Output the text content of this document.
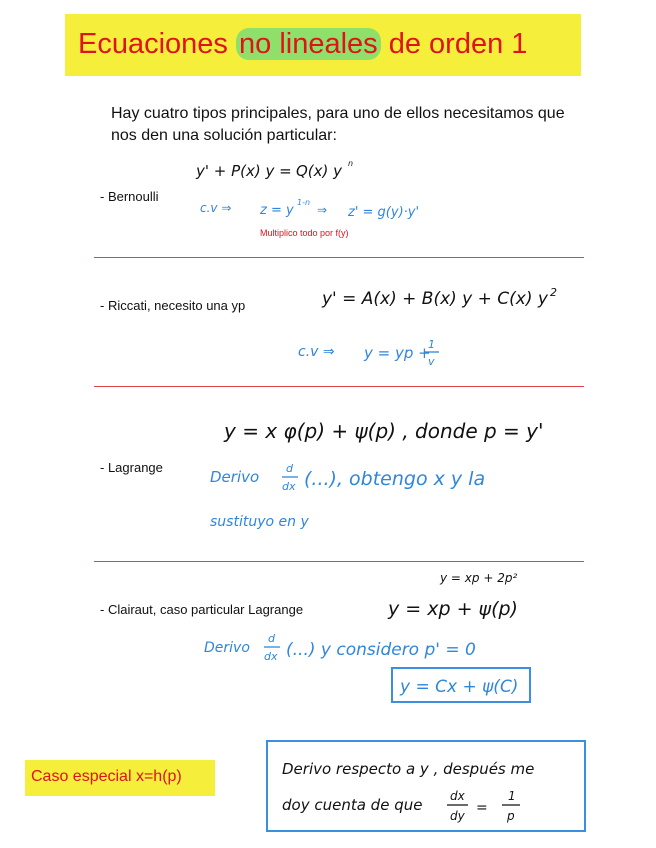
Ecuaciones no lineales de orden 1

Hay cuatro tipos principales, para uno de ellos necesitamos que nos den una solución particular:

- Bernoulli
y' + P(x) y = Q(x) y n
c.v ⇒ z = y
1-n
⇒ z' = g(y)·y'
Multiplico todo por f(y)
- Riccati, necesito una yp	y' = A(x) + B(x) y + C(x) y 2
c.v ⇒ y = yp +
1
v
- Lagrange
y = x φ(p) + ψ(p) , donde p = y'
Derivo d
dx (...), obtengo x y la
sustituyo en y
- Clairaut, caso particular Lagrange
y = xp + 2p²
y = xp + ψ(p)
Derivo
d
dx (...) y considero p' = 0
y = Cx + ψ(C)
Caso especial x=h(p)	Derivo respecto a y , después me
doy cuenta de que dx
dy =
1
p
